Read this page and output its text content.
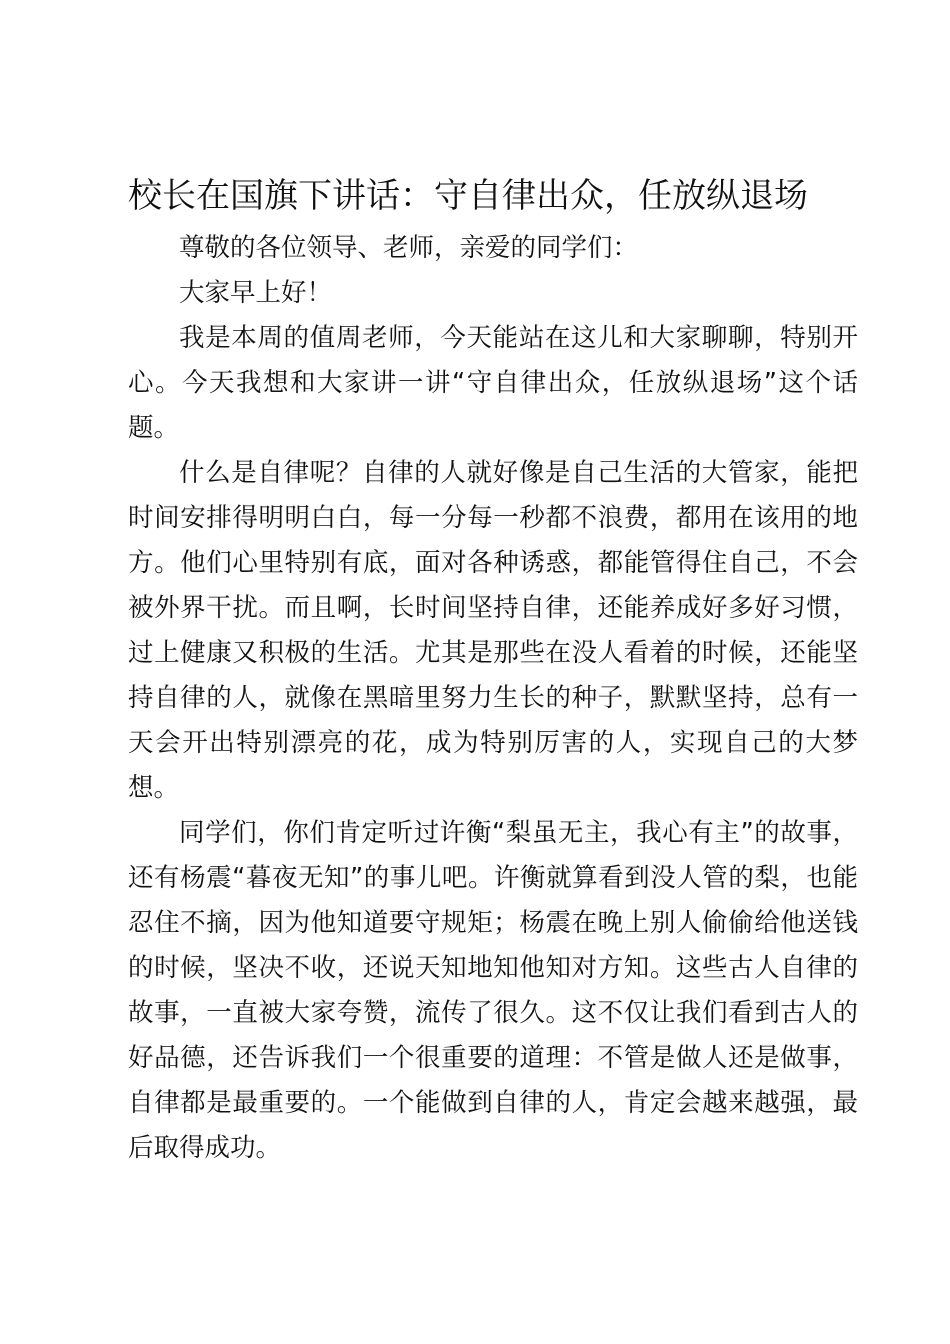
校长在国旗下讲话：守自律出众，任放纵退场

尊敬的各位领导、老师，亲爱的同学们：

大家早上好！

我是本周的值周老师，今天能站在这儿和大家聊聊，特别开心。今天我想和大家讲一讲“守自律出众，任放纵退场”这个话题。

什么是自律呢？自律的人就好像是自己生活的大管家，能把时间安排得明明白白，每一分每一秒都不浪费，都用在该用的地方。他们心里特别有底，面对各种诱惑，都能管得住自己，不会被外界干扰。而且啊，长时间坚持自律，还能养成好多好习惯，过上健康又积极的生活。尤其是那些在没人看着的时候，还能坚持自律的人，就像在黑暗里努力生长的种子，默默坚持，总有一天会开出特别漂亮的花，成为特别厉害的人，实现自己的大梦想。

同学们，你们肯定听过许衡“梨虽无主，我心有主”的故事，还有杨震“暮夜无知”的事儿吧。许衡就算看到没人管的梨，也能忍住不摘，因为他知道要守规矩；杨震在晚上别人偷偷给他送钱的时候，坚决不收，还说天知地知他知对方知。这些古人自律的故事，一直被大家夸赞，流传了很久。这不仅让我们看到古人的好品德，还告诉我们一个很重要的道理：不管是做人还是做事，自律都是最重要的。一个能做到自律的人，肯定会越来越强，最后取得成功。
